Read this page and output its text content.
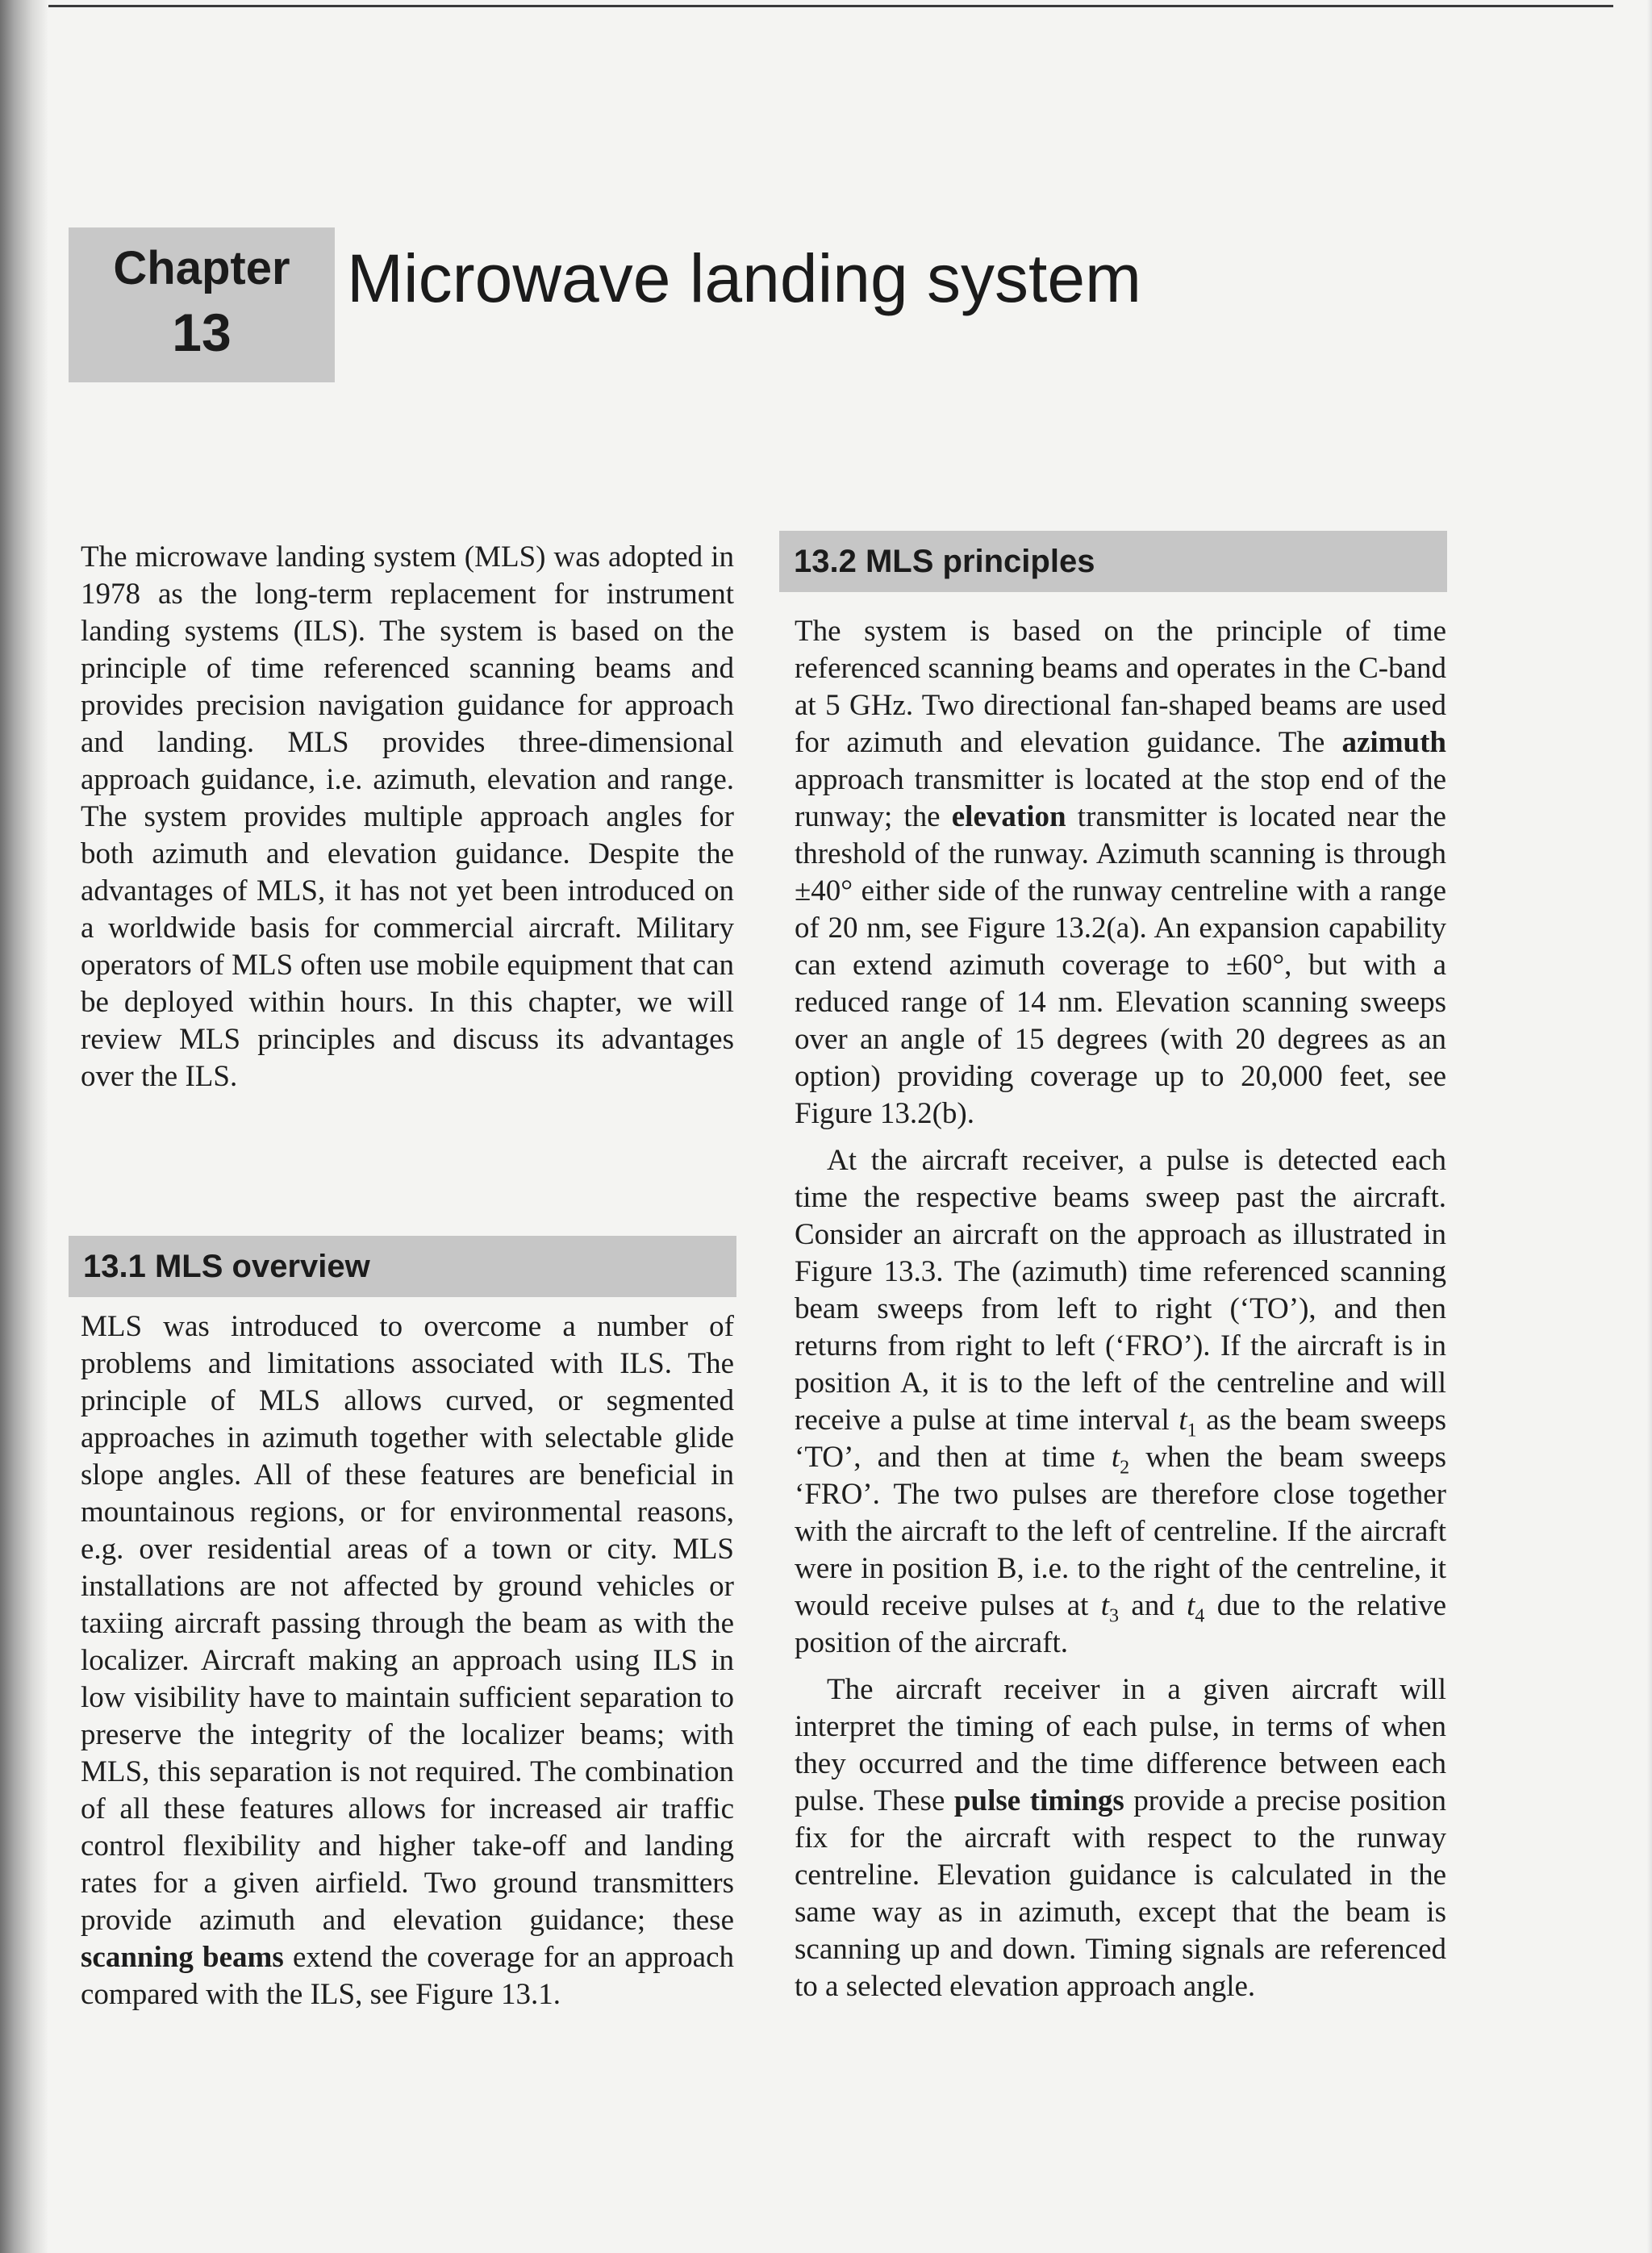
Chapter
13
Microwave landing system

The microwave landing system (MLS) was adopted in 1978 as the long-term replacement for instrument landing systems (ILS). The system is based on the principle of time referenced scanning beams and provides precision navigation guidance for approach and landing. MLS provides three-dimensional approach guidance, i.e. azimuth, elevation and range. The system provides multiple approach angles for both azimuth and elevation guidance. Despite the advantages of MLS, it has not yet been introduced on a worldwide basis for commercial aircraft. Military operators of MLS often use mobile equipment that can be deployed within hours. In this chapter, we will review MLS principles and discuss its advantages over the ILS.

13.1 MLS overview

MLS was introduced to overcome a number of problems and limitations associated with ILS. The principle of MLS allows curved, or segmented approaches in azimuth together with selectable glide slope angles. All of these features are beneficial in mountainous regions, or for environmental reasons, e.g. over residential areas of a town or city. MLS installations are not affected by ground vehicles or taxiing aircraft passing through the beam as with the localizer. Aircraft making an approach using ILS in low visibility have to maintain sufficient separation to preserve the integrity of the localizer beams; with MLS, this separation is not required. The combination of all these features allows for increased air traffic control flexibility and higher take-off and landing rates for a given airfield. Two ground transmitters provide azimuth and elevation guidance; these scanning beams extend the coverage for an approach compared with the ILS, see Figure 13.1.

13.2 MLS principles

The system is based on the principle of time referenced scanning beams and operates in the C-band at 5 GHz. Two directional fan-shaped beams are used for azimuth and elevation guidance. The azimuth approach transmitter is located at the stop end of the runway; the elevation transmitter is located near the threshold of the runway. Azimuth scanning is through ±40° either side of the runway centreline with a range of 20 nm, see Figure 13.2(a). An expansion capability can extend azimuth coverage to ±60°, but with a reduced range of 14 nm. Elevation scanning sweeps over an angle of 15 degrees (with 20 degrees as an option) providing coverage up to 20,000 feet, see Figure 13.2(b).

At the aircraft receiver, a pulse is detected each time the respective beams sweep past the aircraft. Consider an aircraft on the approach as illustrated in Figure 13.3. The (azimuth) time referenced scanning beam sweeps from left to right (‘TO’), and then returns from right to left (‘FRO’). If the aircraft is in position A, it is to the left of the centreline and will receive a pulse at time interval $t_1$ as the beam sweeps ‘TO’, and then at time $t_2$ when the beam sweeps ‘FRO’. The two pulses are therefore close together with the aircraft to the left of centreline. If the aircraft were in position B, i.e. to the right of the centreline, it would receive pulses at $t_3$ and $t_4$ due to the relative position of the aircraft.

The aircraft receiver in a given aircraft will interpret the timing of each pulse, in terms of when they occurred and the time difference between each pulse. These pulse timings provide a precise position fix for the aircraft with respect to the runway centreline. Elevation guidance is calculated in the same way as in azimuth, except that the beam is scanning up and down. Timing signals are referenced to a selected elevation approach angle.
